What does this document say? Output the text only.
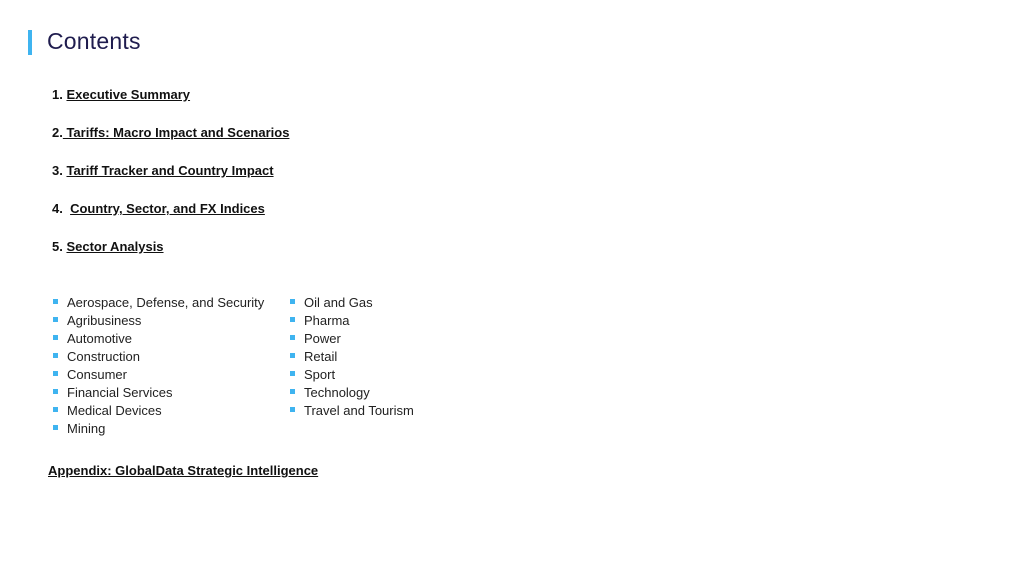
Contents
1. Executive Summary
2. Tariffs: Macro Impact and Scenarios
3. Tariff Tracker and Country Impact
4. Country, Sector, and FX Indices
5. Sector Analysis
Aerospace, Defense, and Security
Agribusiness
Automotive
Construction
Consumer
Financial Services
Medical Devices
Mining
Oil and Gas
Pharma
Power
Retail
Sport
Technology
Travel and Tourism
Appendix: GlobalData Strategic Intelligence
